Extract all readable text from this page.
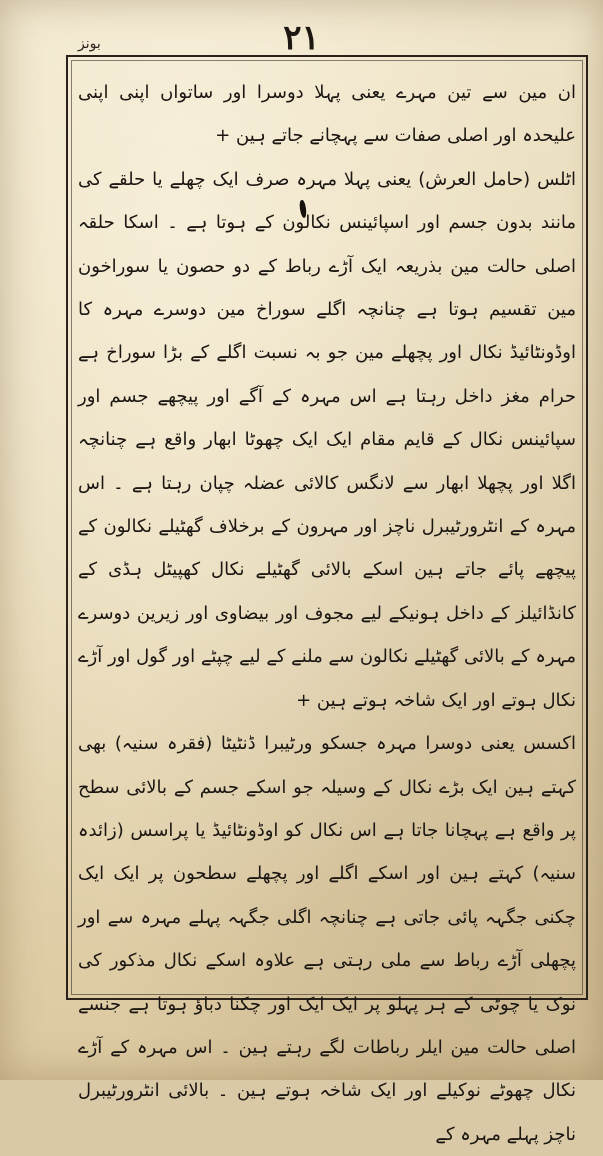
بونز	۲۱

ان مین سے تین مہرے یعنی پہلا دوسرا اور ساتواں اپنی اپنی علیحدہ اور اصلی صفات سے پہچانے جاتے ہین +

اٹلس (حامل العرش) یعنی پہلا مہرہ صرف ایک چھلے یا حلقے کی مانند بدون جسم اور اسپائینس نکالون کے ہوتا ہے ۔ اسکا حلقہ اصلی حالت مین بذریعہ ایک آڑے رباط کے دو حصون یا سوراخون مین تقسیم ہوتا ہے چنانچہ اگلے سوراخ مین دوسرے مہرہ کا اوڈونٹائیڈ نکال اور پچھلے مین جو بہ نسبت اگلے کے بڑا سوراخ ہے حرام مغز داخل رہتا ہے اس مہرہ کے آگے اور پیچھے جسم اور سپائینس نکال کے قایم مقام ایک ایک چھوٹا ابھار واقع ہے چنانچہ اگلا اور پچھلا ابھار سے لانگس کالائی عضلہ چپان رہتا ہے ۔ اس مہرہ کے انٹرورٹیبرل ناچز اور مہرون کے برخلاف گھٹیلے نکالون کے پیچھے پائے جاتے ہین اسکے بالائی گھٹیلے نکال کھپیٹل ہڈی کے کانڈائیلز کے داخل ہونیکے لیے مجوف اور بیضاوی اور زیرین دوسرے مہرہ کے بالائی گھٹیلے نکالون سے ملنے کے لیے چپٹے اور گول اور آڑے نکال ہوتے اور ایک شاخہ ہوتے ہین +

اکسس یعنی دوسرا مہرہ جسکو ورٹیبرا ڈنٹیٹا (فقرہ سنیہ) بھی کہتے ہین ایک بڑے نکال کے وسیلہ جو اسکے جسم کے بالائی سطح پر واقع ہے پہچانا جاتا ہے اس نکال کو اوڈونٹائیڈ یا پراسس (زائدہ سنیہ) کہتے ہین اور اسکے اگلے اور پچھلے سطحون پر ایک ایک چکنی جگہہ پائی جاتی ہے چنانچہ اگلی جگہہ پہلے مہرہ سے اور پچھلی آڑے رباط سے ملی رہتی ہے علاوہ اسکے نکال مذکور کی نوک یا چوٹی کے ہر پہلو پر ایک ایک اور چکنا دباؤ ہوتا ہے جنسے اصلی حالت مین ایلر رباطات لگے رہتے ہین ۔ اس مہرہ کے آڑے نکال چھوٹے نوکیلے اور ایک شاخہ ہوتے ہین ۔ بالائی انٹرورٹیبرل ناچز پہلے مہرہ کے
